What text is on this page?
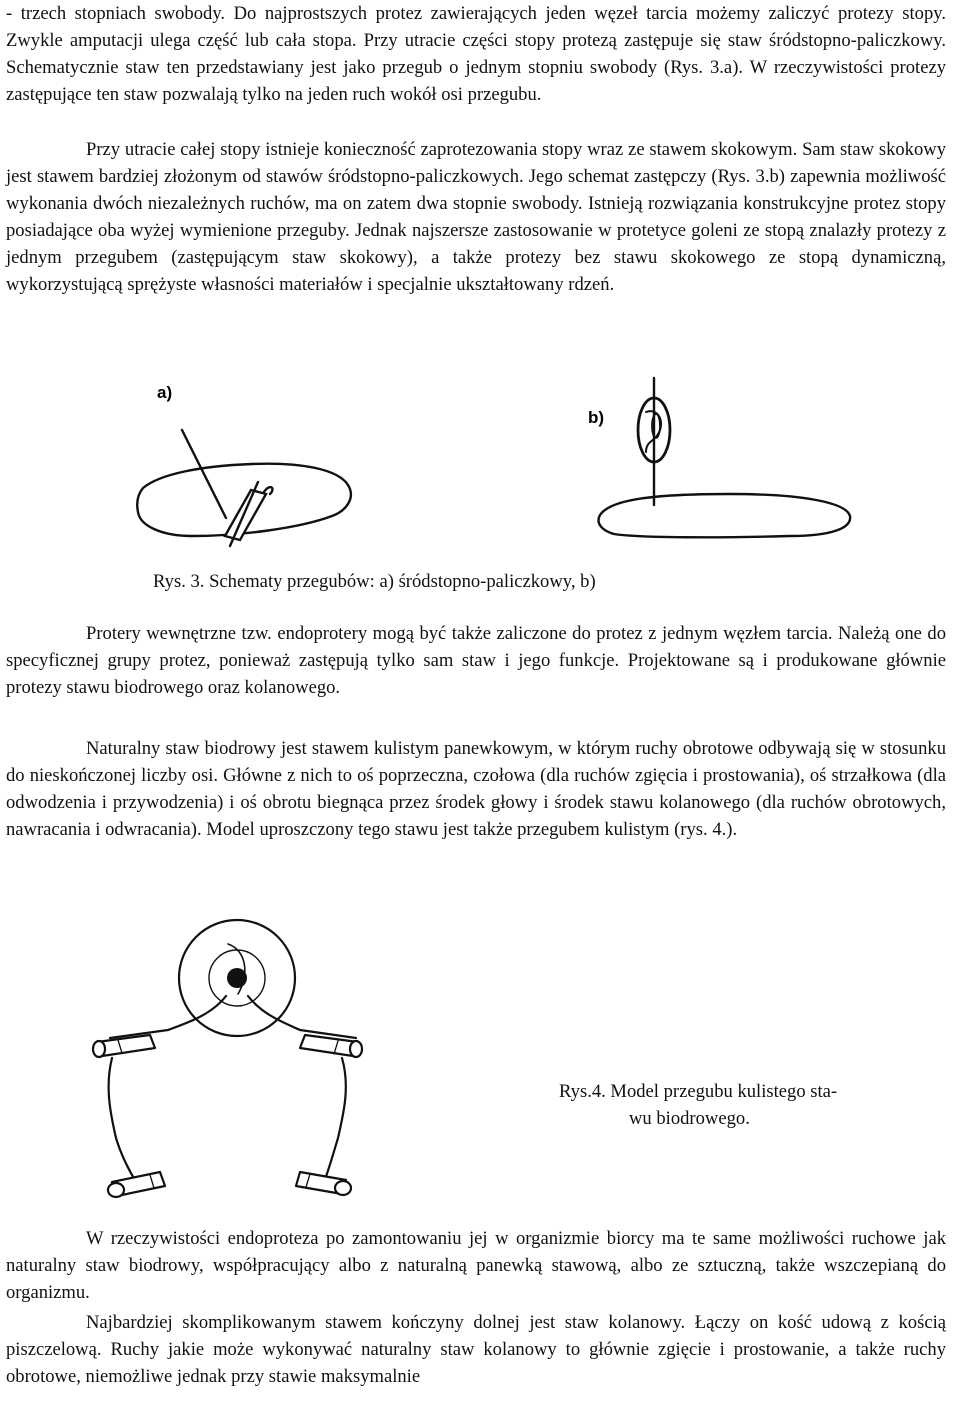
- trzech stopniach swobody. Do najprostszych protez zawierających jeden węzeł tarcia możemy zaliczyć protezy stopy. Zwykle amputacji ulega część lub cała stopa. Przy utracie części stopy protezą zastępuje się staw śródstopno-paliczkowy. Schematycznie staw ten przedstawiany jest jako przegub o jednym stopniu swobody (Rys. 3.a). W rzeczywistości protezy zastępujące ten staw pozwalają tylko na jeden ruch wokół osi przegubu.

Przy utracie całej stopy istnieje konieczność zaprotezowania stopy wraz ze stawem skokowym. Sam staw skokowy jest stawem bardziej złożonym od stawów śródstopno-paliczkowych. Jego schemat zastępczy (Rys. 3.b) zapewnia możliwość wykonania dwóch niezależnych ruchów, ma on zatem dwa stopnie swobody. Istnieją rozwiązania konstrukcyjne protez stopy posiadające oba wyżej wymienione przeguby. Jednak najszersze zastosowanie w protetyce goleni ze stopą znalazły protezy z jednym przegubem (zastępującym staw skokowy), a także protezy bez stawu skokowego ze stopą dynamiczną, wykorzystującą sprężyste własności materiałów i specjalnie ukształtowany rdzeń.

a)
b)

Rys. 3. Schematy przegubów: a) śródstopno-paliczkowy, b)

Protery wewnętrzne tzw. endoprotery mogą być także zaliczone do protez z jednym węzłem tarcia. Należą one do specyficznej grupy protez, ponieważ zastępują tylko sam staw i jego funkcje. Projektowane są i produkowane głównie protezy stawu biodrowego oraz kolanowego.

Naturalny staw biodrowy jest stawem kulistym panewkowym, w którym ruchy obrotowe odbywają się w stosunku do nieskończonej liczby osi. Główne z nich to oś poprzeczna, czołowa (dla ruchów zgięcia i prostowania), oś strzałkowa (dla odwodzenia i przywodzenia) i oś obrotu biegnąca przez środek głowy i środek stawu kolanowego (dla ruchów obrotowych, nawracania i odwracania). Model uproszczony tego stawu jest także przegubem kulistym (rys. 4.).

Rys.4. Model przegubu kulistego sta-
wu biodrowego.

W rzeczywistości endoproteza po zamontowaniu jej w organizmie biorcy ma te same możliwości ruchowe jak naturalny staw biodrowy, współpracujący albo z naturalną panewką stawową, albo ze sztuczną, także wszczepianą do organizmu.

Najbardziej skomplikowanym stawem kończyny dolnej jest staw kolanowy. Łączy on kość udową z kością piszczelową. Ruchy jakie może wykonywać naturalny staw kolanowy to głównie zgięcie i prostowanie, a także ruchy obrotowe, niemożliwe jednak przy stawie maksymalnie
